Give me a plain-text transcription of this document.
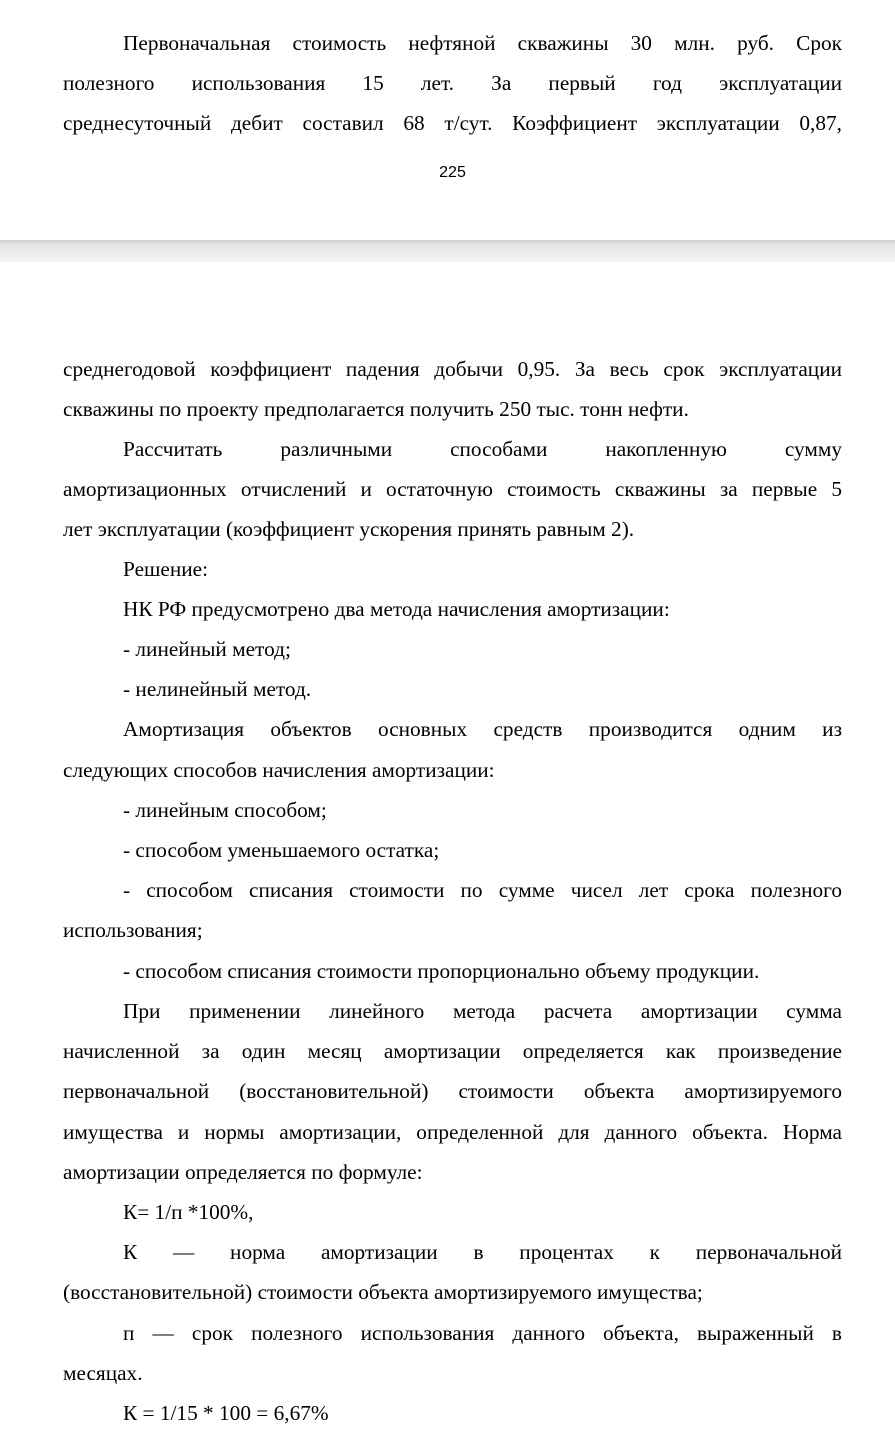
Первоначальная стоимость нефтяной скважины 30 млн. руб. Срок
полезного использования 15 лет. За первый год эксплуатации
среднесуточный дебит составил 68 т/сут. Коэффициент эксплуатации 0,87,
225
среднегодовой коэффициент падения добычи 0,95. За весь срок эксплуатации
скважины по проекту предполагается получить 250 тыс. тонн нефти.
Рассчитать различными способами накопленную сумму
амортизационных отчислений и остаточную стоимость скважины за первые 5
лет эксплуатации (коэффициент ускорения принять равным 2).
Решение:
НК РФ предусмотрено два метода начисления амортизации:
- линейный метод;
- нелинейный метод.
Амортизация объектов основных средств производится одним из
следующих способов начисления амортизации:
- линейным способом;
- способом уменьшаемого остатка;
- способом списания стоимости по сумме чисел лет срока полезного
использования;
- способом списания стоимости пропорционально объему продукции.
При применении линейного метода расчета амортизации сумма
начисленной за один месяц амортизации определяется как произведение
первоначальной (восстановительной) стоимости объекта амортизируемого
имущества и нормы амортизации, определенной для данного объекта. Норма
амортизации определяется по формуле:
К= 1/п *100%,
К — норма амортизации в процентах к первоначальной
(восстановительной) стоимости объекта амортизируемого имущества;
п — срок полезного использования данного объекта, выраженный в
месяцах.
К = 1/15 * 100 = 6,67%
